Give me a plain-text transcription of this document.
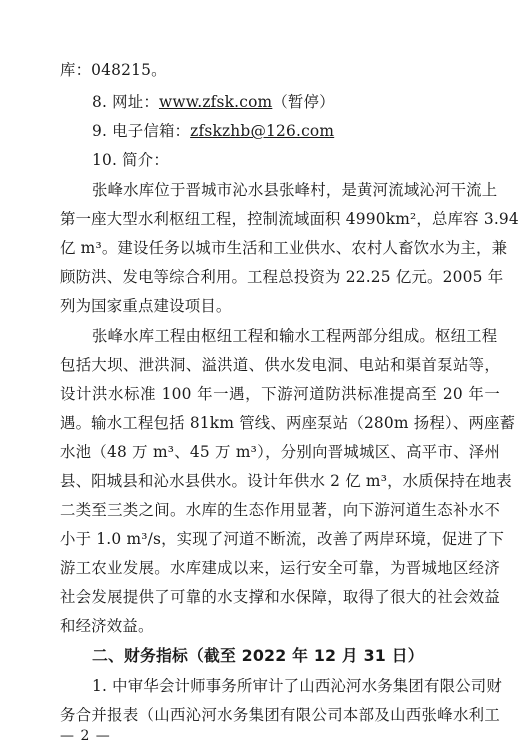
库：048215。
8. 网址：www.zfsk.com（暂停）
9. 电子信箱：zfskzhb@126.com
10. 简介：
张峰水库位于晋城市沁水县张峰村，是黄河流域沁河干流上
第一座大型水利枢纽工程，控制流域面积 4990km²，总库容 3.94
亿 m³。建设任务以城市生活和工业供水、农村人畜饮水为主，兼
顾防洪、发电等综合利用。工程总投资为 22.25 亿元。2005 年
列为国家重点建设项目。
张峰水库工程由枢纽工程和输水工程两部分组成。枢纽工程
包括大坝、泄洪洞、溢洪道、供水发电洞、电站和渠首泵站等，
设计洪水标准 100 年一遇，下游河道防洪标准提高至 20 年一
遇。输水工程包括 81km 管线、两座泵站（280m 扬程）、两座蓄
水池（48 万 m³、45 万 m³），分别向晋城城区、高平市、泽州
县、阳城县和沁水县供水。设计年供水 2 亿 m³，水质保持在地表
二类至三类之间。水库的生态作用显著，向下游河道生态补水不
小于 1.0 m³/s，实现了河道不断流，改善了两岸环境，促进了下
游工农业发展。水库建成以来，运行安全可靠，为晋城地区经济
社会发展提供了可靠的水支撑和水保障，取得了很大的社会效益
和经济效益。
二、财务指标（截至 2022 年 12 月 31 日）
1. 中审华会计师事务所审计了山西沁河水务集团有限公司财
务合并报表（山西沁河水务集团有限公司本部及山西张峰水利工
— 2 —
